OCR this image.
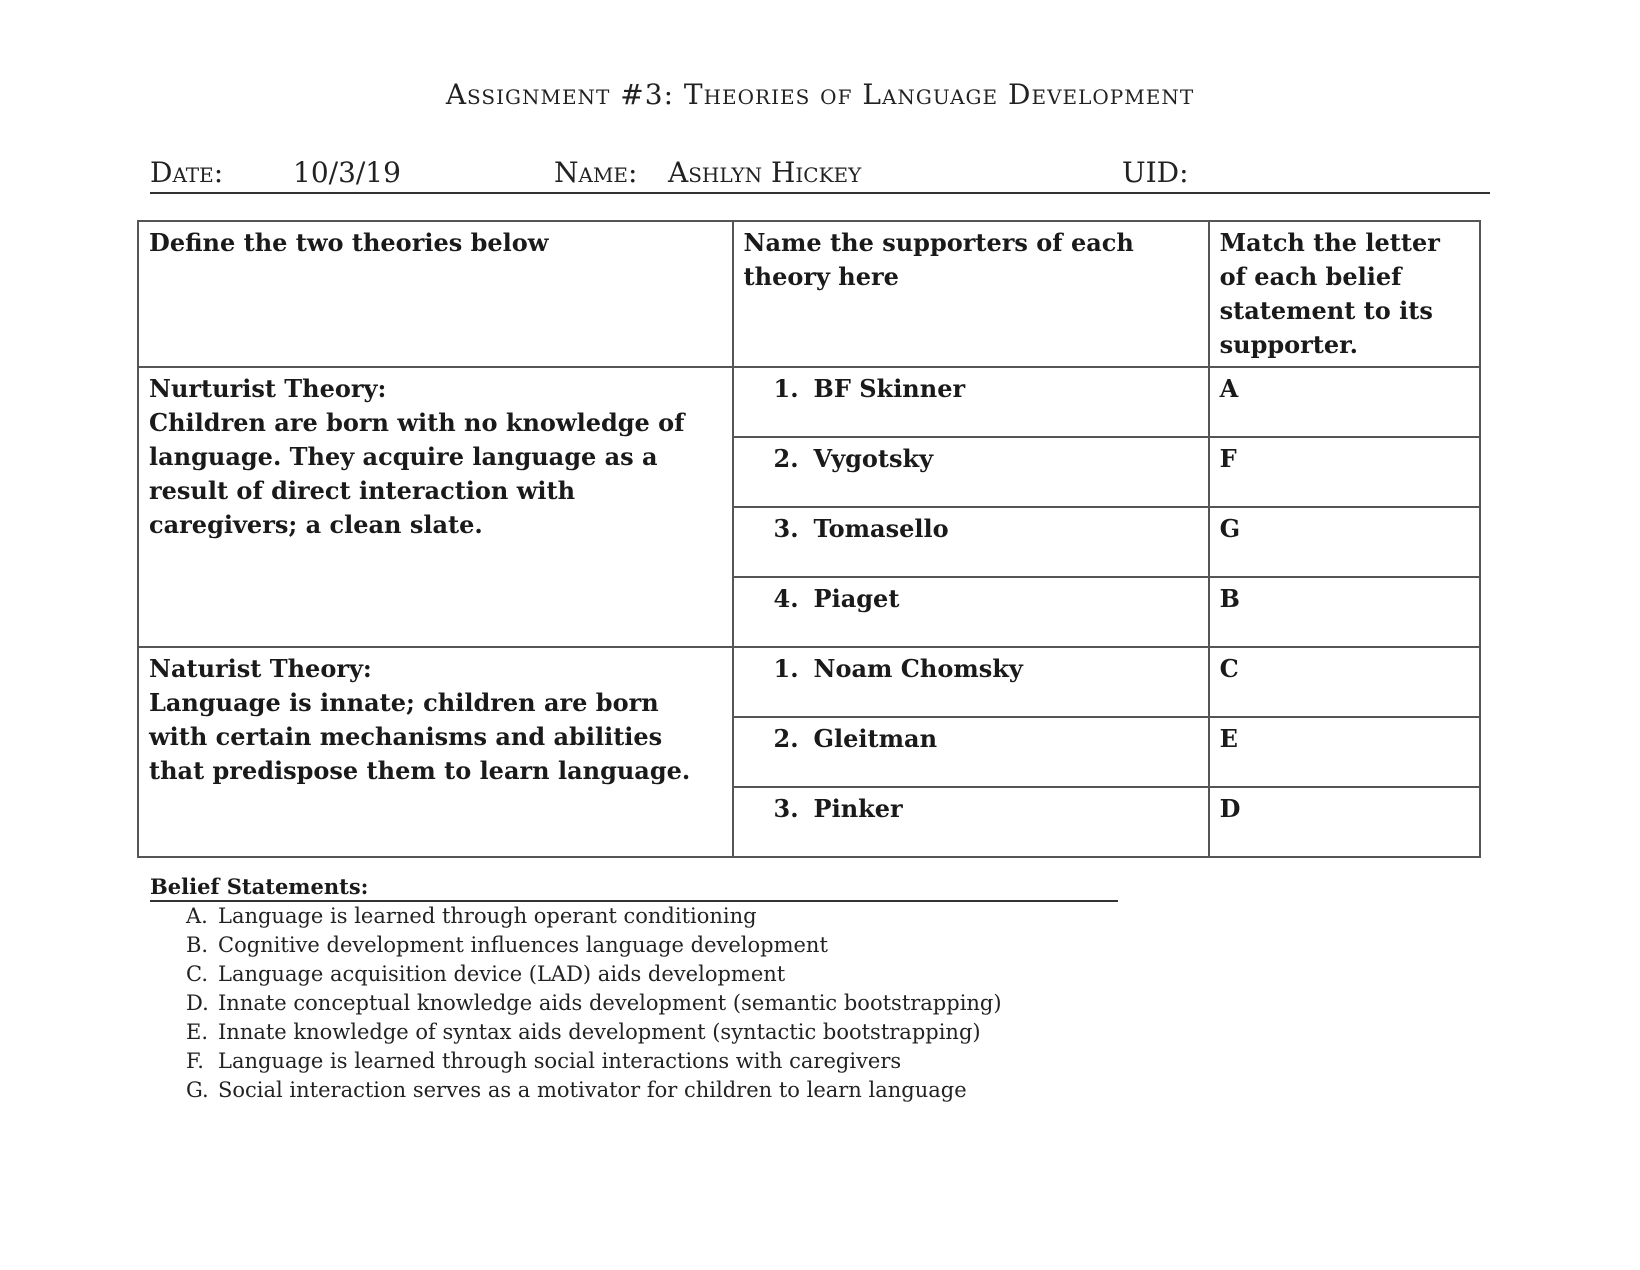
Assignment #3: Theories of Language Development
Date: 10/3/19	Name: Ashlyn Hickey	UID:
Define the two theories below	Name the supporters of each theory here	Match the letter of each belief statement to its supporter.

Nurturist Theory:
Children are born with no knowledge of language. They acquire language as a result of direct interaction with caregivers; a clean slate.	1. BF Skinner	A
	2. Vygotsky	F
	3. Tomasello	G
	4. Piaget	B

Naturist Theory:
Language is innate; children are born with certain mechanisms and abilities that predispose them to learn language.	1. Noam Chomsky	C
	2. Gleitman	E
	3. Pinker	D
Belief Statements:
A. Language is learned through operant conditioning
B. Cognitive development influences language development
C. Language acquisition device (LAD) aids development
D. Innate conceptual knowledge aids development (semantic bootstrapping)
E. Innate knowledge of syntax aids development (syntactic bootstrapping)
F. Language is learned through social interactions with caregivers
G. Social interaction serves as a motivator for children to learn language
